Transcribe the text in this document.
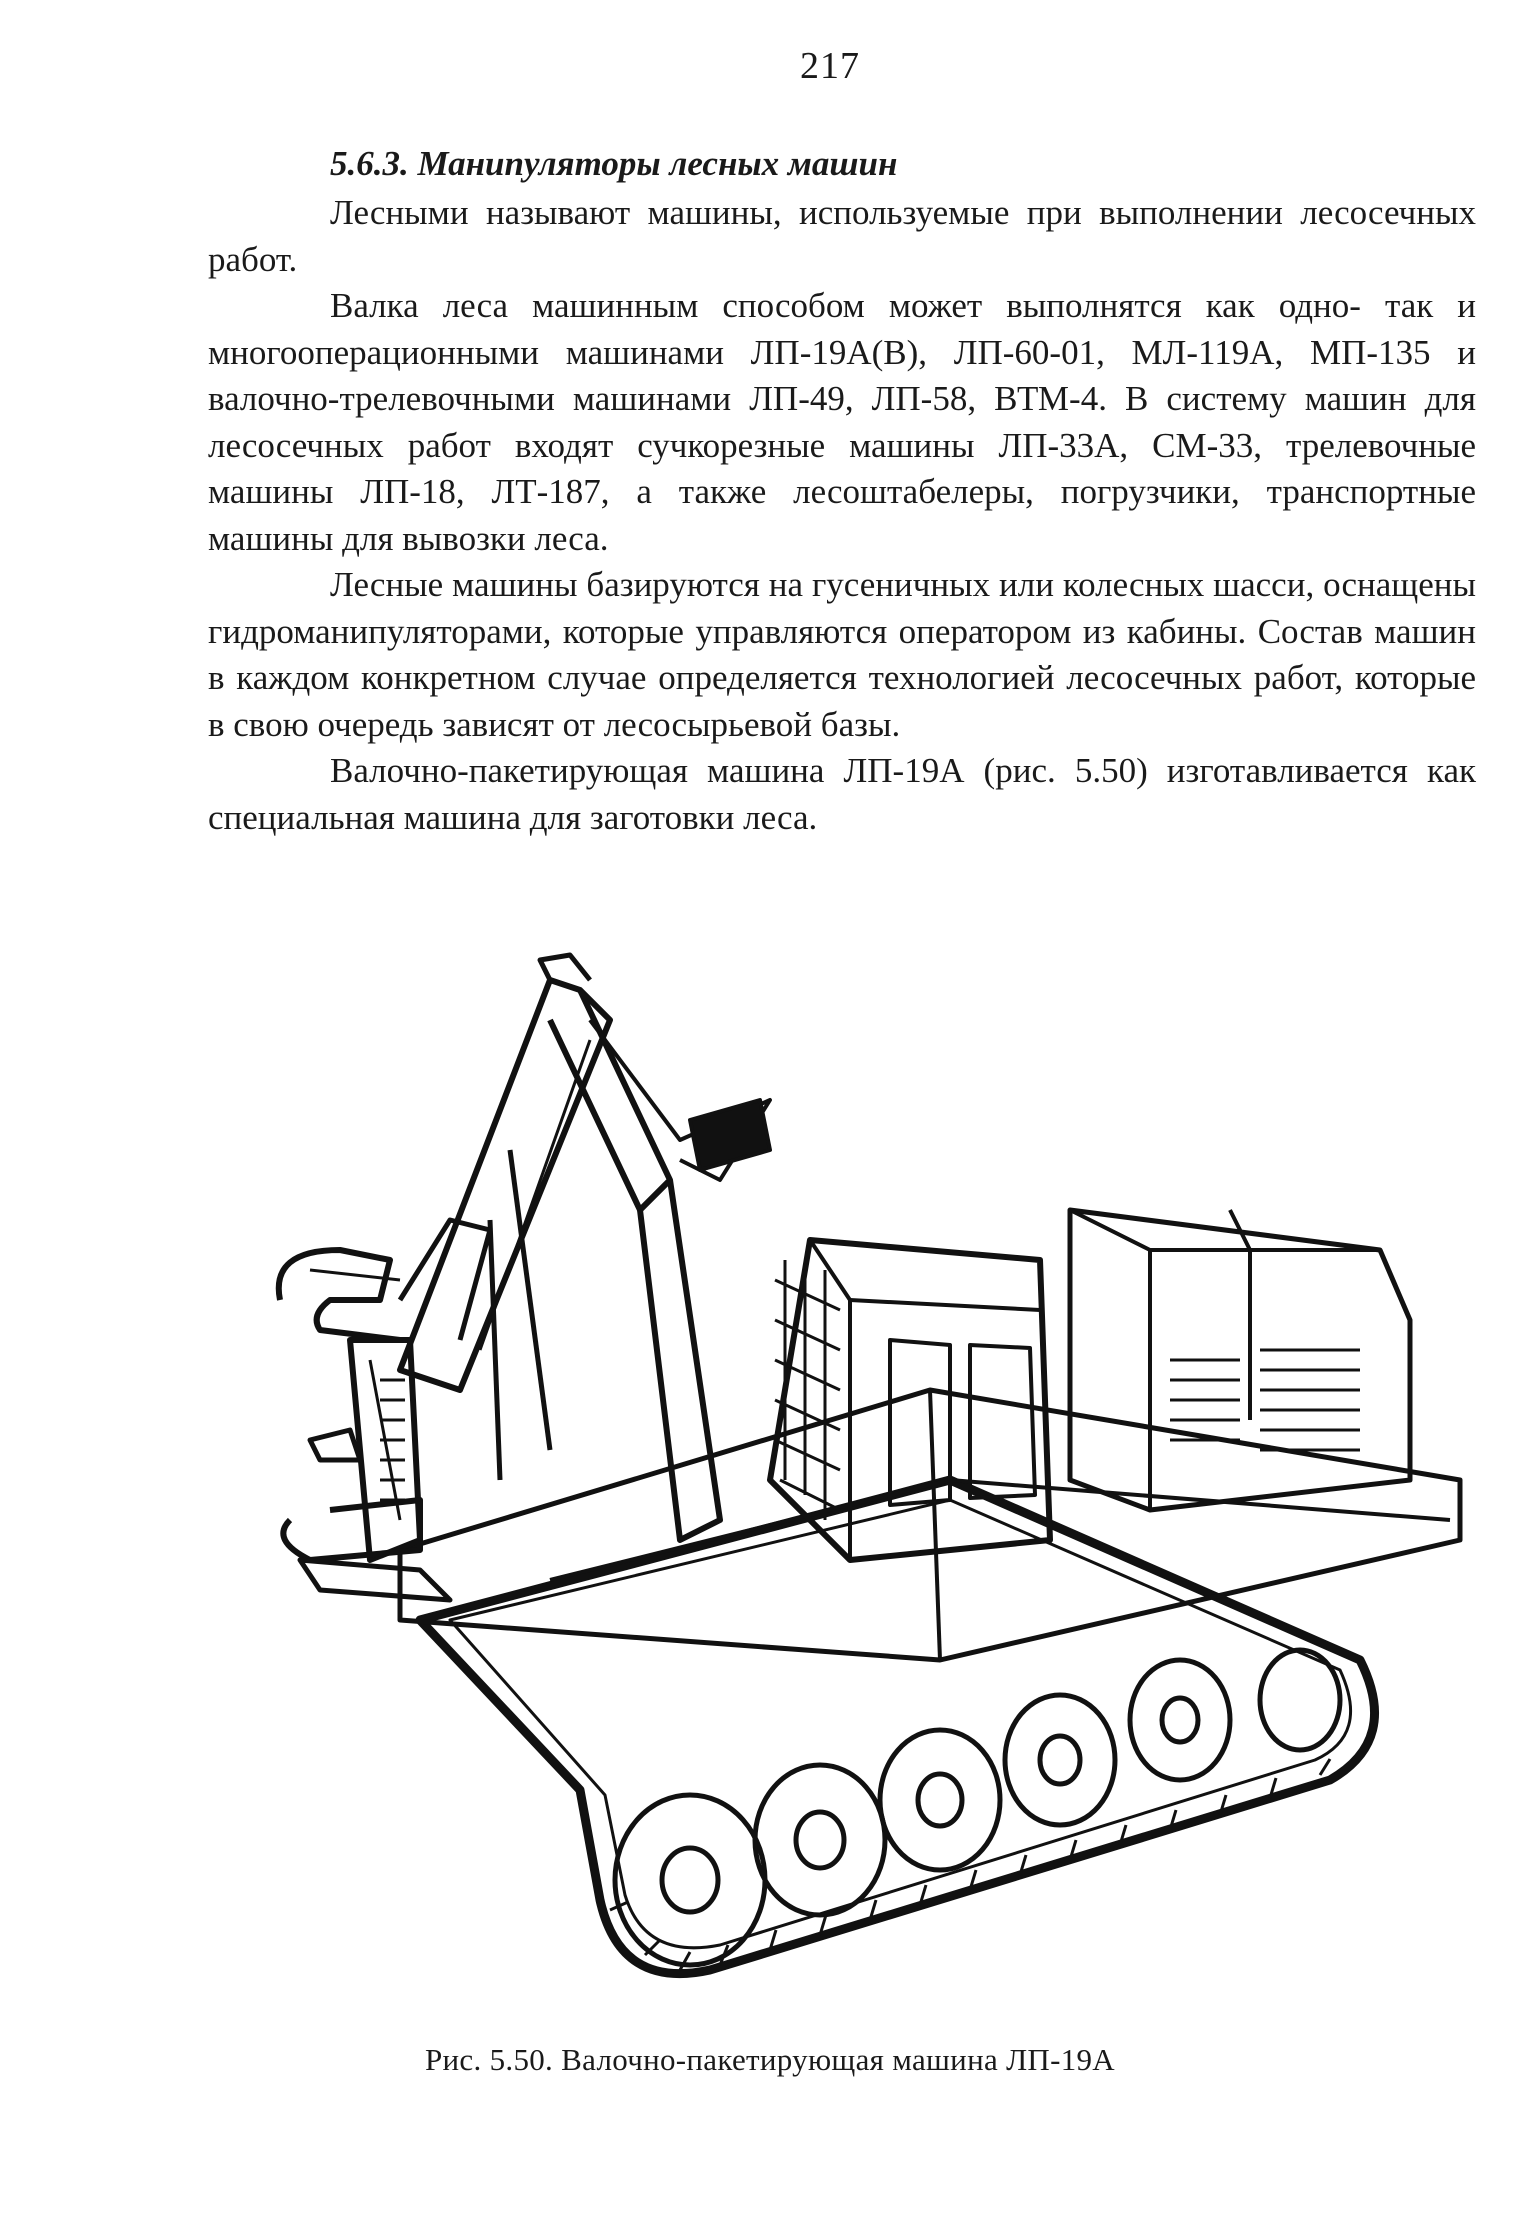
217
5.6.3. Манипуляторы лесных машин

Лесными называют машины, используемые при выполнении лесосечных работ.

Валка леса машинным способом может выполнятся как одно- так и многооперационными машинами ЛП-19А(В), ЛП-60-01, МЛ-119А, МП-135 и валочно-трелевочными машинами ЛП-49, ЛП-58, ВТМ-4. В систему машин для лесосечных работ входят сучкорезные машины ЛП-33А, СМ-33, трелевочные машины ЛП-18, ЛТ-187, а также лесоштабелеры, погрузчики, транспортные машины для вывозки леса.

Лесные машины базируются на гусеничных или колесных шасси, оснащены гидроманипуляторами, которые управляются оператором из кабины. Состав машин в каждом конкретном случае определяется технологией лесосечных работ, которые в свою очередь зависят от лесосырьевой базы.

Валочно-пакетирующая машина ЛП-19А (рис. 5.50) изготавливается как специальная машина для заготовки леса.

Рис. 5.50. Валочно-пакетирующая машина ЛП-19А
